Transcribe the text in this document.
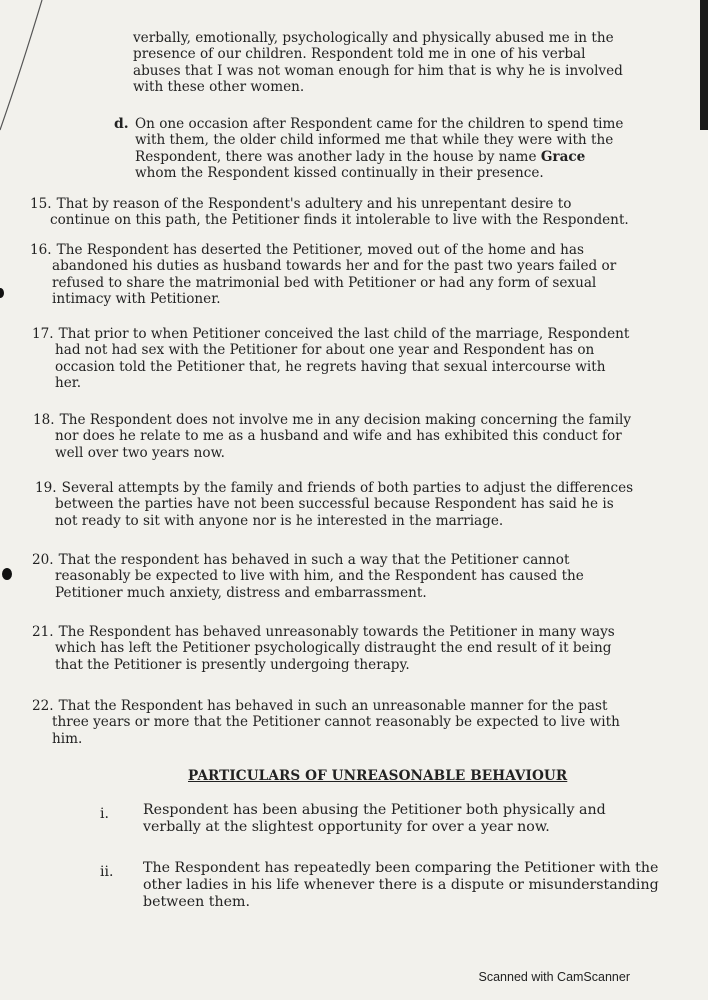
verbally, emotionally, psychologically and physically abused me in the
presence of our children. Respondent told me in one of his verbal
abuses that I was not woman enough for him that is why he is involved
with these other women.
d. On one occasion after Respondent came for the children to spend time
with them, the older child informed me that while they were with the
Respondent, there was another lady in the house by name Grace
whom the Respondent kissed continually in their presence.
15. That by reason of the Respondent's adultery and his unrepentant desire to
continue on this path, the Petitioner finds it intolerable to live with the Respondent.
16. The Respondent has deserted the Petitioner, moved out of the home and has
abandoned his duties as husband towards her and for the past two years failed or
refused to share the matrimonial bed with Petitioner or had any form of sexual
intimacy with Petitioner.
17. That prior to when Petitioner conceived the last child of the marriage, Respondent
had not had sex with the Petitioner for about one year and Respondent has on
occasion told the Petitioner that, he regrets having that sexual intercourse with
her.
18. The Respondent does not involve me in any decision making concerning the family
nor does he relate to me as a husband and wife and has exhibited this conduct for
well over two years now.
19. Several attempts by the family and friends of both parties to adjust the differences
between the parties have not been successful because Respondent has said he is
not ready to sit with anyone nor is he interested in the marriage.
20. That the respondent has behaved in such a way that the Petitioner cannot
reasonably be expected to live with him, and the Respondent has caused the
Petitioner much anxiety, distress and embarrassment.
21. The Respondent has behaved unreasonably towards the Petitioner in many ways
which has left the Petitioner psychologically distraught the end result of it being
that the Petitioner is presently undergoing therapy.
22. That the Respondent has behaved in such an unreasonable manner for the past
three years or more that the Petitioner cannot reasonably be expected to live with
him.
PARTICULARS OF UNREASONABLE BEHAVIOUR
i. Respondent has been abusing the Petitioner both physically and
verbally at the slightest opportunity for over a year now.
ii. The Respondent has repeatedly been comparing the Petitioner with the
other ladies in his life whenever there is a dispute or misunderstanding
between them.
Scanned with CamScanner
